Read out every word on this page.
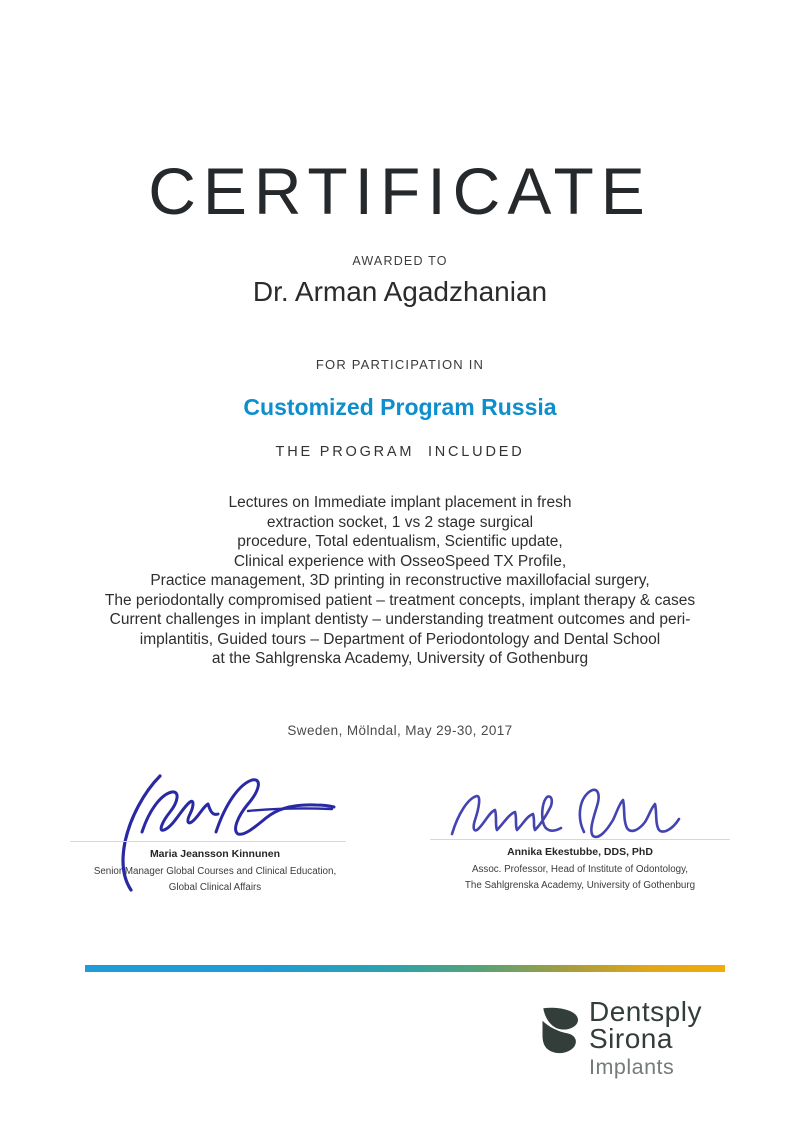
CERTIFICATE
AWARDED TO
Dr. Arman Agadzhanian
FOR PARTICIPATION IN
Customized Program Russia
THE PROGRAM  INCLUDED
Lectures on Immediate implant placement in fresh
extraction socket, 1 vs 2 stage surgical
procedure, Total edentualism, Scientific update,
Clinical experience with OsseoSpeed TX Profile,
Practice management, 3D printing in reconstructive maxillofacial surgery,
The periodontally compromised patient – treatment concepts, implant therapy & cases
Current challenges in implant dentisty – understanding treatment outcomes and peri-
implantitis, Guided tours – Department of Periodontology and Dental School
at the Sahlgrenska Academy, University of Gothenburg
Sweden, Mölndal, May 29-30, 2017
Maria Jeansson Kinnunen
Senior Manager Global Courses and Clinical Education,
Global Clinical Affairs
Annika Ekestubbe, DDS, PhD
Assoc. Professor, Head of Institute of Odontology,
The Sahlgrenska Academy, University of Gothenburg
Dentsply
Sirona
Implants
